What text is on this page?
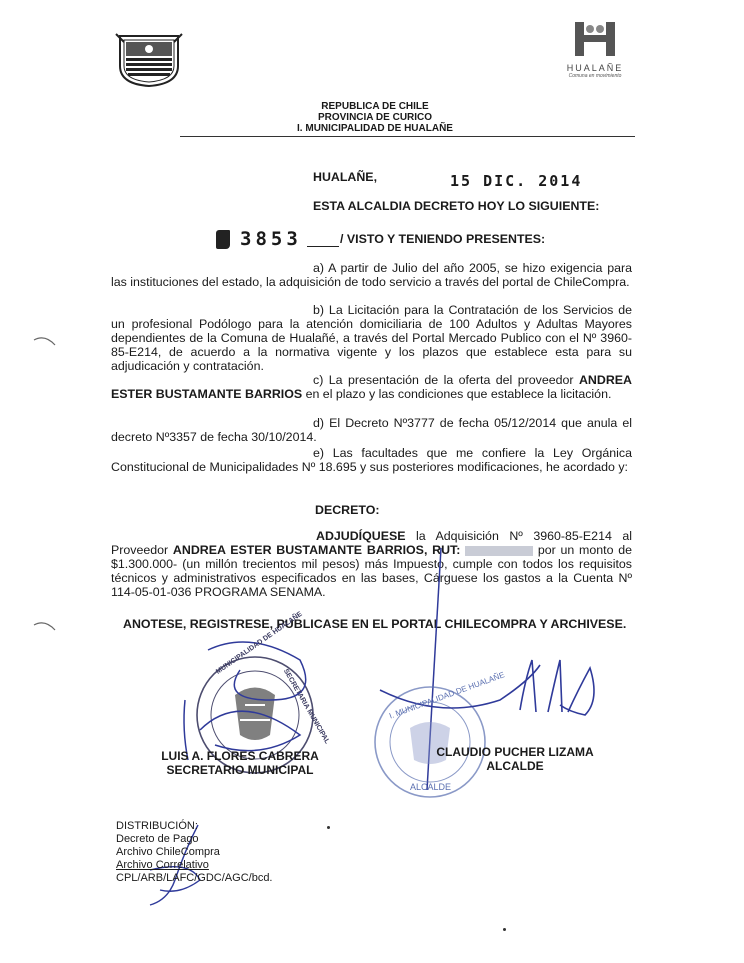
HUALAÑE
Comuna en movimiento
REPUBLICA DE CHILE
PROVINCIA DE CURICO
I. MUNICIPALIDAD DE HUALAÑE
HUALAÑE,	15 DIC. 2014
ESTA ALCALDIA DECRETO HOY LO SIGUIENTE:
3853	/ VISTO Y TENIENDO PRESENTES:
a) A partir de Julio del año 2005, se hizo exigencia para las instituciones del estado, la adquisición de todo servicio a través del portal de ChileCompra.
b) La Licitación para la Contratación de los Servicios de un profesional Podólogo para la atención domiciliaria de 100 Adultos y Adultas Mayores dependientes de la Comuna de Hualañé, a través del Portal Mercado Publico con el Nº 3960-85-E214, de acuerdo a la normativa vigente y los plazos que establece esta para su adjudicación y contratación.
c) La presentación de la oferta del proveedor ANDREA ESTER BUSTAMANTE BARRIOS en el plazo y las condiciones que establece la licitación.
d) El Decreto Nº3777 de fecha 05/12/2014 que anula el decreto Nº3357 de fecha 30/10/2014.
e) Las facultades que me confiere la Ley Orgánica Constitucional de Municipalidades Nº 18.695 y sus posteriores modificaciones, he acordado y:
DECRETO:
ADJUDÍQUESE la Adquisición Nº 3960-85-E214 al Proveedor ANDREA ESTER BUSTAMANTE BARRIOS, RUT:	por un monto de $1.300.000- (un millón trecientos mil pesos) más Impuesto, cumple con todos los requisitos técnicos y administrativos especificados en las bases, Cárguese los gastos a la Cuenta Nº 114-05-01-036 PROGRAMA SENAMA.
ANOTESE, REGISTRESE, PUBLICASE EN EL PORTAL CHILECOMPRA Y ARCHIVESE.
MUNICIPALIDAD DE HUALAÑE
SECRETARIA MUNICIPAL	I. MUNICIPALIDAD DE HUALAÑE
ALCALDE
LUIS A. FLORES CABRERA
SECRETARIO MUNICIPAL
CLAUDIO PUCHER LIZAMA
ALCALDE
DISTRIBUCIÓN:
Decreto de Pago
Archivo ChileCompra
Archivo Correlativo
CPL/ARB/LAFC/GDC/AGC/bcd.
